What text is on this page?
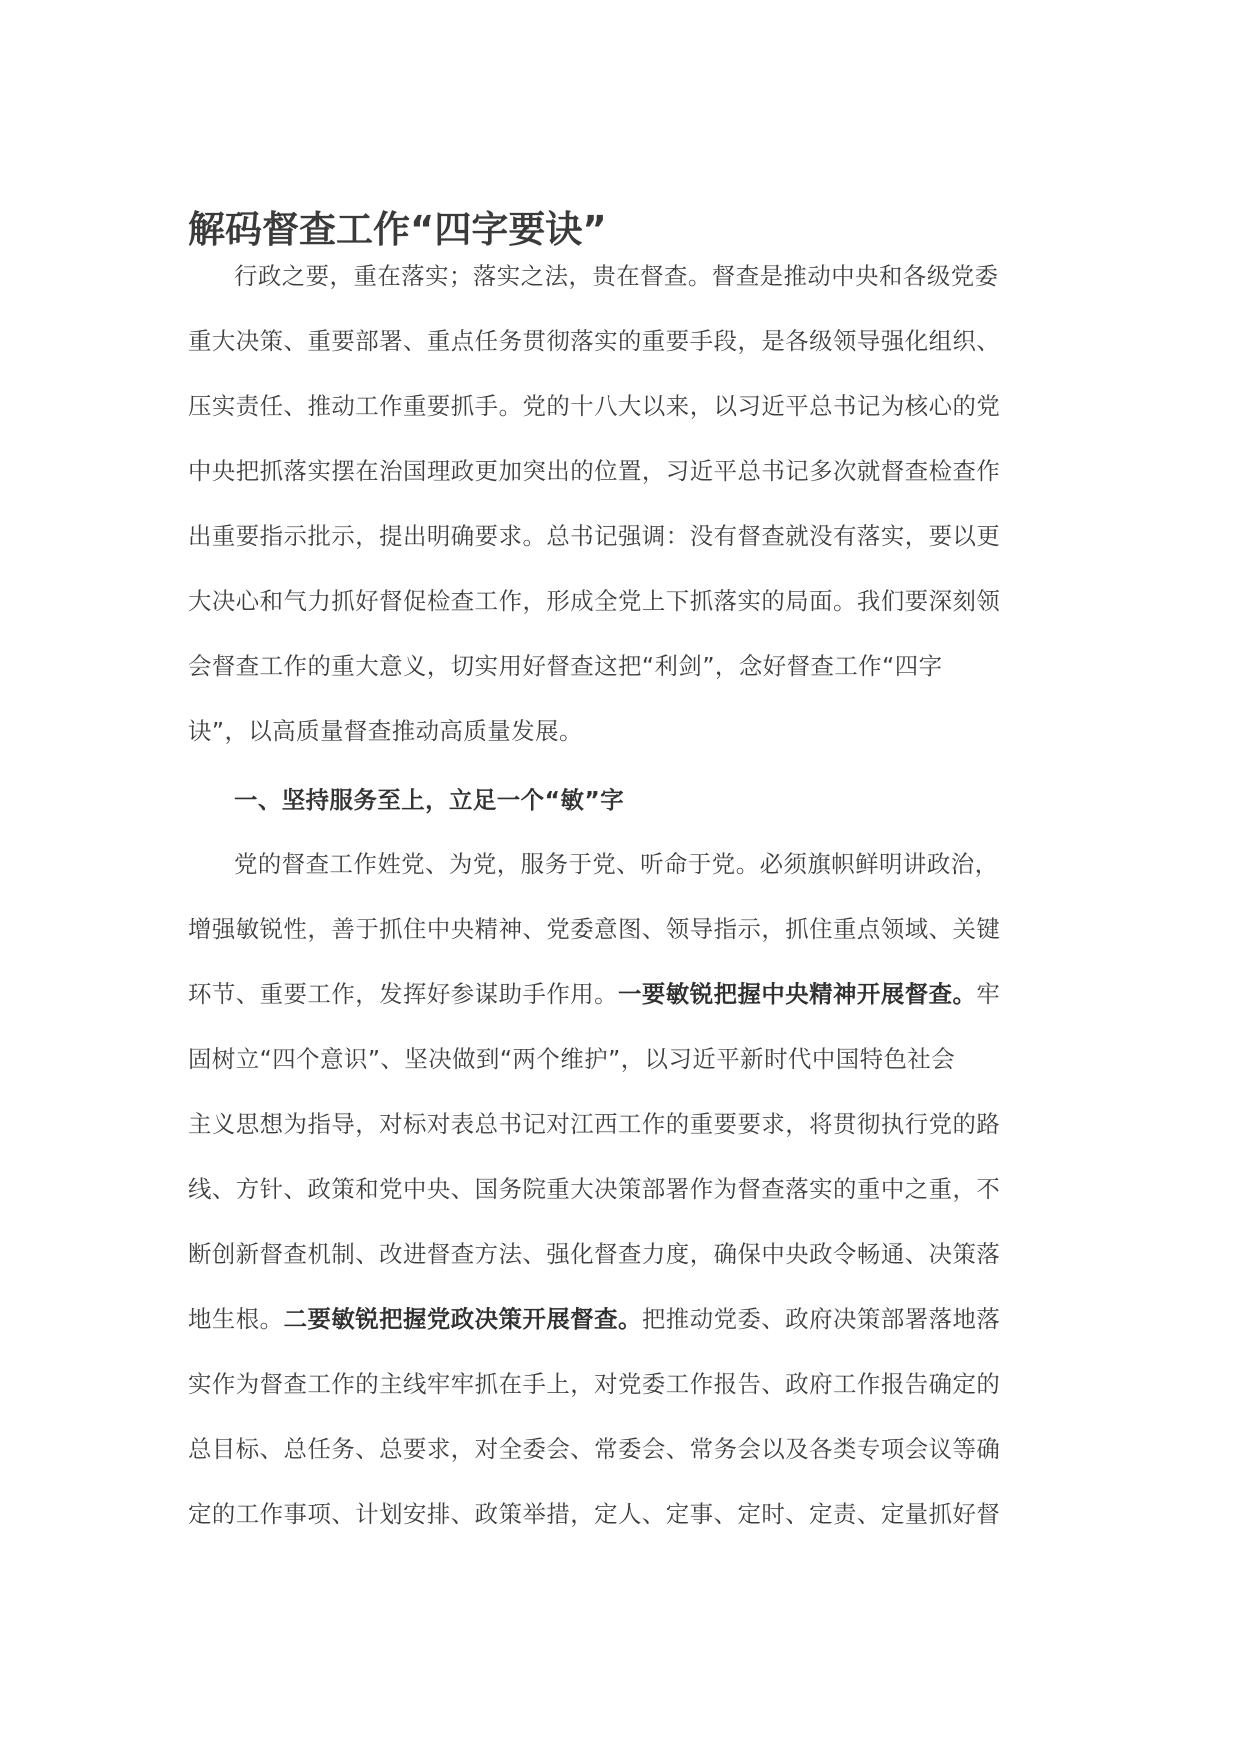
解码督查工作“四字要诀”
行政之要，重在落实；落实之法，贵在督查。督查是推动中央和各级党委
重大决策、重要部署、重点任务贯彻落实的重要手段，是各级领导强化组织、
压实责任、推动工作重要抓手。党的十八大以来，以习近平总书记为核心的党
中央把抓落实摆在治国理政更加突出的位置，习近平总书记多次就督查检查作
出重要指示批示，提出明确要求。总书记强调：没有督查就没有落实，要以更
大决心和气力抓好督促检查工作，形成全党上下抓落实的局面。我们要深刻领
会督查工作的重大意义，切实用好督查这把“利剑”，念好督查工作“四字
诀”，以高质量督查推动高质量发展。
一、坚持服务至上，立足一个“敏”字
党的督查工作姓党、为党，服务于党、听命于党。必须旗帜鲜明讲政治，
增强敏锐性，善于抓住中央精神、党委意图、领导指示，抓住重点领域、关键
环节、重要工作，发挥好参谋助手作用。一要敏锐把握中央精神开展督查。牢
固树立“四个意识”、坚决做到“两个维护”，以习近平新时代中国特色社会
主义思想为指导，对标对表总书记对江西工作的重要要求，将贯彻执行党的路
线、方针、政策和党中央、国务院重大决策部署作为督查落实的重中之重，不
断创新督查机制、改进督查方法、强化督查力度，确保中央政令畅通、决策落
地生根。二要敏锐把握党政决策开展督查。把推动党委、政府决策部署落地落
实作为督查工作的主线牢牢抓在手上，对党委工作报告、政府工作报告确定的
总目标、总任务、总要求，对全委会、常委会、常务会以及各类专项会议等确
定的工作事项、计划安排、政策举措，定人、定事、定时、定责、定量抓好督
